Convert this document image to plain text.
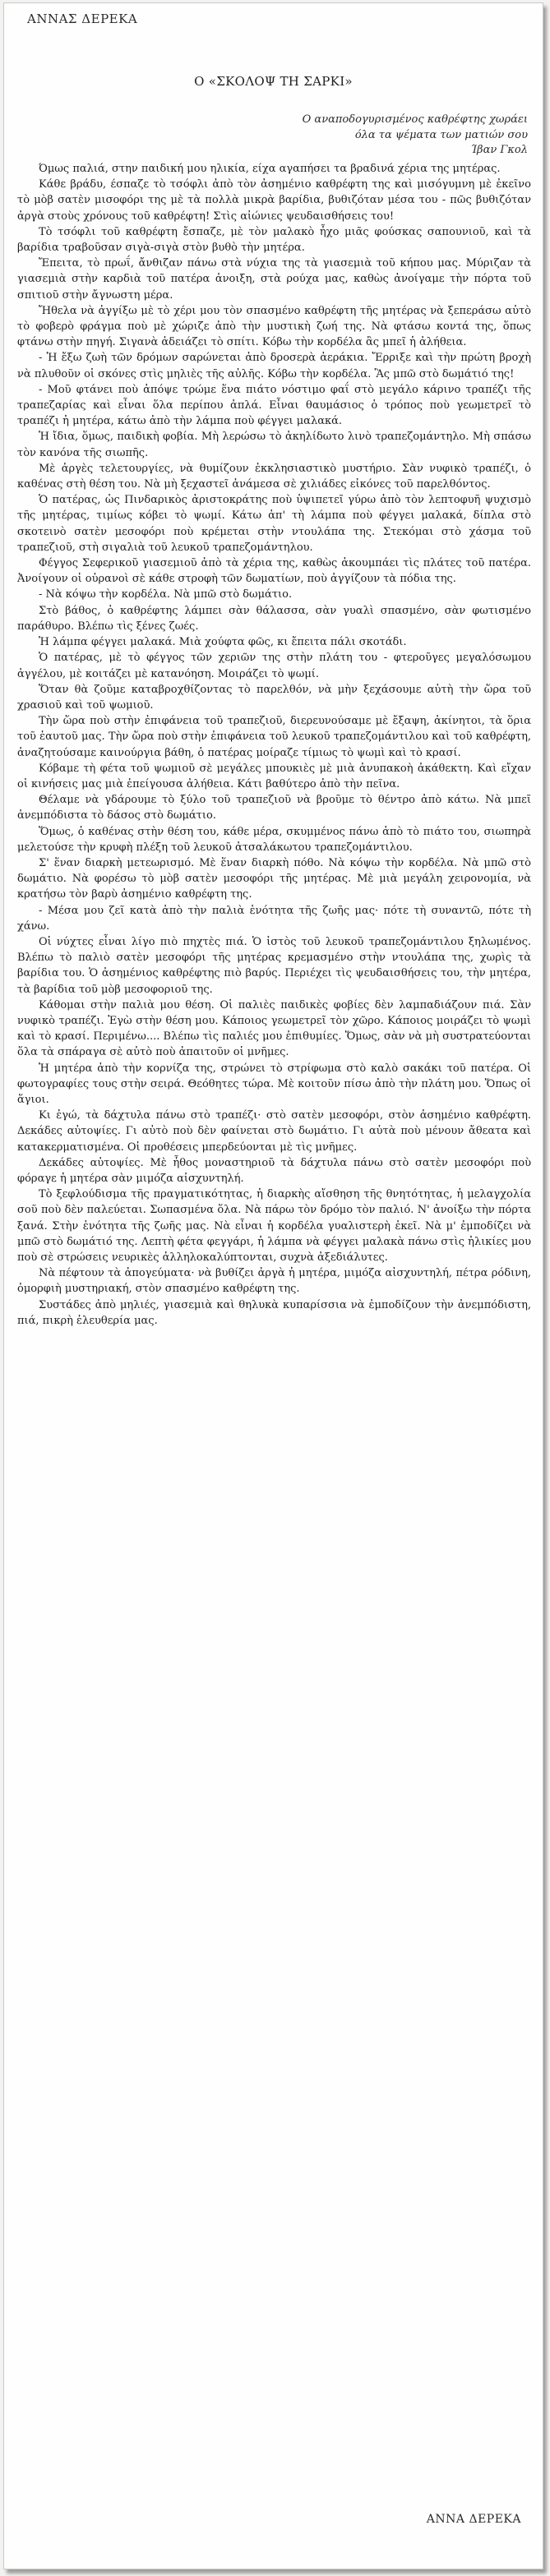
ΑΝΝΑΣ ΔΕΡΕΚΑ
Ο «ΣΚΟΛΟΨ ΤΗ ΣΑΡΚΙ»
Ο αναποδογυρισμένος καθρέφτης χωράει
όλα τα ψέματα των ματιών σου
Ίβαν Γκολ

Όμως παλιά, στην παιδική μου ηλικία, είχα αγαπήσει τα βραδινά χέρια της μητέρας.

Κάθε βράδυ, έσπαζε τὸ τσόφλι ἀπὸ τὸν ἀσημένιο καθρέφτη της καὶ μισόγυμνη μὲ ἐκεῖνο τὸ μὸβ σατὲν μισοφόρι της μὲ τὰ πολλὰ μικρὰ βαρίδια, βυθιζόταν μέσα του - πῶς βυθιζόταν ἀργὰ στοὺς χρόνους τοῦ καθρέφτη! Στὶς αἰώνιες ψευδαισθήσεις του!

Τὸ τσόφλι τοῦ καθρέφτη ἔσπαζε, μὲ τὸν μαλακὸ ἦχο μιᾶς φούσκας σαπουνιοῦ, καὶ τὰ βαρίδια τραβοῦσαν σιγὰ-σιγὰ στὸν βυθὸ τὴν μητέρα.

Ἔπειτα, τὸ πρωΐ, ἄνθιζαν πάνω στὰ νύχια της τὰ γιασεμιὰ τοῦ κήπου μας. Μύριζαν τὰ γιασεμιὰ στὴν καρδιὰ τοῦ πατέρα ἀνοιξη, στὰ ρούχα μας, καθὼς ἀνοίγαμε τὴν πόρτα τοῦ σπιτιοῦ στὴν ἄγνωστη μέρα.

Ἤθελα νὰ ἀγγίξω μὲ τὸ χέρι μου τὸν σπασμένο καθρέφτη τῆς μητέρας νὰ ξεπεράσω αὐτὸ τὸ φοβερὸ φράγμα ποὺ μὲ χώριζε ἀπὸ τὴν μυστικὴ ζωή της. Νὰ φτάσω κοντά της, ὅπως φτάνω στὴν πηγή. Σιγανὰ ἀδειάζει τὸ σπίτι. Κόβω τὴν κορδέλα ἂς μπεῖ ἡ ἀλήθεια.

- Ἡ ἔξω ζωὴ τῶν δρόμων σαρώνεται ἀπὸ δροσερὰ ἀεράκια. Ἔρριξε καὶ τὴν πρώτη βροχὴ νὰ πλυθοῦν οἱ σκόνες στὶς μηλιὲς τῆς αὐλῆς. Κόβω τὴν κορδέλα. Ἂς μπῶ στὸ δωμάτιό της!

- Μοῦ φτάνει ποὺ ἀπόψε τρώμε ἕνα πιάτο νόστιμο φαΐ στὸ μεγάλο κάρινο τραπέζι τῆς τραπεζαρίας καὶ εἶναι ὅλα περίπου ἀπλά. Εἶναι θαυμάσιος ὁ τρόπος ποὺ γεωμετρεῖ τὸ τραπέζι ἡ μητέρα, κάτω ἀπὸ τὴν λάμπα ποὺ φέγγει μαλακά.

Ἡ ἴδια, ὅμως, παιδικὴ φοβία. Μὴ λερώσω τὸ ἀκηλίδωτο λινὸ τραπεζομάντηλο. Μὴ σπάσω τὸν κανόνα τῆς σιωπῆς.

Μὲ ἀργὲς τελετουργίες, νὰ θυμίζουν ἐκκλησιαστικὸ μυστήριο. Σὰν νυφικὸ τραπέζι, ὁ καθένας στὴ θέση του. Νὰ μὴ ξεχαστεῖ ἀνάμεσα σὲ χιλιάδες εἰκόνες τοῦ παρελθόντος.

Ὁ πατέρας, ὡς Πινδαρικὸς ἀριστοκράτης ποὺ ὑψιπετεῖ γύρω ἀπὸ τὸν λεπτοφυῆ ψυχισμὸ τῆς μητέρας, τιμίως κόβει τὸ ψωμί. Κάτω ἀπ' τὴ λάμπα ποὺ φέγγει μαλακά, δίπλα στὸ σκοτεινὸ σατὲν μεσοφόρι ποὺ κρέμεται στὴν ντουλάπα της. Στεκόμαι στὸ χάσμα τοῦ τραπεζιοῦ, στὴ σιγαλιὰ τοῦ λευκοῦ τραπεζομάντηλου.

Φέγγος Σεφερικοῦ γιασεμιοῦ ἀπὸ τὰ χέρια της, καθὼς ἀκουμπάει τὶς πλάτες τοῦ πατέρα. Ἀνοίγουν οἱ οὐρανοὶ σὲ κάθε στροφὴ τῶν δωματίων, ποὺ ἀγγίζουν τὰ πόδια της.

- Νὰ κόψω τὴν κορδέλα. Νὰ μπῶ στὸ δωμάτιο.

Στὸ βάθος, ὁ καθρέφτης λάμπει σὰν θάλασσα, σὰν γυαλὶ σπασμένο, σὰν φωτισμένο παράθυρο. Βλέπω τὶς ξένες ζωές.

Ἡ λάμπα φέγγει μαλακά. Μιὰ χούφτα φῶς, κι ἔπειτα πάλι σκοτάδι.

Ὁ πατέρας, μὲ τὸ φέγγος τῶν χεριῶν της στὴν πλάτη του - φτεροῦγες μεγαλόσωμου ἀγγέλου, μὲ κοιτάζει μὲ κατανόηση. Μοιράζει τὸ ψωμί.

Ὅταν θὰ ζοῦμε καταβροχθίζοντας τὸ παρελθόν, νὰ μὴν ξεχάσουμε αὐτὴ τὴν ὥρα τοῦ χρασιοῦ καὶ τοῦ ψωμιοῦ.

Τὴν ὥρα ποὺ στὴν ἐπιφάνεια τοῦ τραπεζιοῦ, διερευνούσαμε μὲ ἔξαψη, ἀκίνητοι, τὰ ὅρια τοῦ ἑαυτοῦ μας. Τὴν ὥρα ποὺ στὴν ἐπιφάνεια τοῦ λευκοῦ τραπεζομάντιλου καὶ τοῦ καθρέφτη, ἀναζητούσαμε καινούργια βάθη, ὁ πατέρας μοίραζε τίμιως τὸ ψωμὶ καὶ τὸ κρασί.

Κόβαμε τὴ φέτα τοῦ ψωμιοῦ σὲ μεγάλες μπουκιὲς μὲ μιὰ ἀνυπακοὴ ἀκάθεκτη. Καὶ εἴχαν οἱ κινήσεις μας μιὰ ἐπείγουσα ἀλήθεια. Κάτι βαθύτερο ἀπὸ τὴν πεῖνα.

Θέλαμε νὰ γδάρουμε τὸ ξύλο τοῦ τραπεζιοῦ νὰ βροῦμε τὸ θέντρο ἀπὸ κάτω. Νὰ μπεῖ ἀνεμπόδιστα τὸ δάσος στὸ δωμάτιο.

Ὅμως, ὁ καθένας στὴν θέση του, κάθε μέρα, σκυμμένος πάνω ἀπὸ τὸ πιάτο του, σιωπηρὰ μελετούσε τὴν κρυφὴ πλέξη τοῦ λευκοῦ ἀτσαλάκωτου τραπεζομάντιλου.

Σ' ἕναν διαρκὴ μετεωρισμό. Μὲ ἕναν διαρκὴ πόθο. Νὰ κόψω τὴν κορδέλα. Νὰ μπῶ στὸ δωμάτιο. Νὰ φορέσω τὸ μὸβ σατὲν μεσοφόρι τῆς μητέρας. Μὲ μιὰ μεγάλη χειρονομία, νὰ κρατήσω τὸν βαρὺ ἀσημένιο καθρέφτη της.

- Μέσα μου ζεῖ κατὰ ἀπὸ τὴν παλιὰ ἑνότητα τῆς ζωῆς μας· πότε τὴ συναντῶ, πότε τὴ χάνω.

Οἱ νύχτες εἶναι λίγο πιὸ πηχτὲς πιά. Ὁ ἱστὸς τοῦ λευκοῦ τραπεζομάντιλου ξηλωμένος. Βλέπω τὸ παλιὸ σατὲν μεσοφόρι τῆς μητέρας κρεμασμένο στὴν ντουλάπα της, χωρὶς τὰ βαρίδια του. Ὁ ἀσημένιος καθρέφτης πιὸ βαρύς. Περιέχει τὶς ψευδαισθήσεις του, τὴν μητέρα, τὰ βαρίδια τοῦ μὸβ μεσοφοριοῦ της.

Κάθομαι στὴν παλιὰ μου θέση. Οἱ παλιὲς παιδικὲς φοβίες δὲν λαμπαδιάζουν πιά. Σὰν νυφικὸ τραπέζι. Ἐγὼ στὴν θέση μου. Κάποιος γεωμετρεῖ τὸν χῶρο. Κάποιος μοιράζει τὸ ψωμὶ καὶ τὸ κρασί. Περιμένω.... Βλέπω τὶς παλιές μου ἐπιθυμίες. Ὅμως, σὰν νὰ μὴ συστρατεύονται ὅλα τὰ σπάραγα σὲ αὐτὸ ποὺ ἀπαιτοῦν οἱ μνῆμες.

Ἡ μητέρα ἀπὸ τὴν κορνίζα της, στρώνει τὸ στρίφωμα στὸ καλὸ σακάκι τοῦ πατέρα. Οἱ φωτογραφίες τους στὴν σειρά. Θεόθητες τώρα. Μὲ κοιτοῦν πίσω ἀπὸ τὴν πλάτη μου. Ὅπως οἱ ἅγιοι.

Κι ἐγώ, τὰ δάχτυλα πάνω στὸ τραπέζι· στὸ σατὲν μεσοφόρι, στὸν ἀσημένιο καθρέφτη. Δεκάδες αὐτοψίες. Γι αὐτὸ ποὺ δὲν φαίνεται στὸ δωμάτιο. Γι αὐτὰ ποὺ μένουν ἄθεατα καὶ κατακερματισμένα. Οἱ προθέσεις μπερδεύονται μὲ τὶς μνῆμες.

Δεκάδες αὐτοψίες. Μὲ ἦθος μοναστηριοῦ τὰ δάχτυλα πάνω στὸ σατὲν μεσοφόρι ποὺ φόραγε ἡ μητέρα σὰν μιμόζα αἰσχυντηλή.

Τὸ ξεφλούδισμα τῆς πραγματικότητας, ἡ διαρκὴς αἴσθηση τῆς θνητότητας, ἡ μελαγχολία σοῦ ποὺ δὲν παλεύεται. Σωπασμένα ὅλα. Νὰ πάρω τὸν δρόμο τὸν παλιό. Ν' ἀνοίξω τὴν πόρτα ξανά. Στὴν ἑνότητα τῆς ζωῆς μας. Νὰ εἶναι ἡ κορδέλα γυαλιστερὴ ἐκεῖ. Νὰ μ' ἐμποδίζει νὰ μπῶ στὸ δωμάτιό της. Λεπτὴ φέτα φεγγάρι, ἡ λάμπα νὰ φέγγει μαλακὰ πάνω στὶς ἡλικίες μου ποὺ σὲ στρώσεις νευρικὲς ἀλληλοκαλύπτονται, συχνὰ ἀξεδιάλυτες.

Νὰ πέφτουν τὰ ἀπογεύματα· νὰ βυθίζει ἀργὰ ἡ μητέρα, μιμόζα αἰσχυντηλή, πέτρα ρόδινη, ὀμορφιὴ μυστηριακή, στὸν σπασμένο καθρέφτη της.

Συστάδες ἀπὸ μηλιές, γιασεμιὰ καὶ θηλυκὰ κυπαρίσσια νὰ ἐμποδίζουν τὴν ἀνεμπόδιστη, πιά, πικρὴ ἐλευθερία μας.

ΑΝΝΑ ΔΕΡΕΚΑ
